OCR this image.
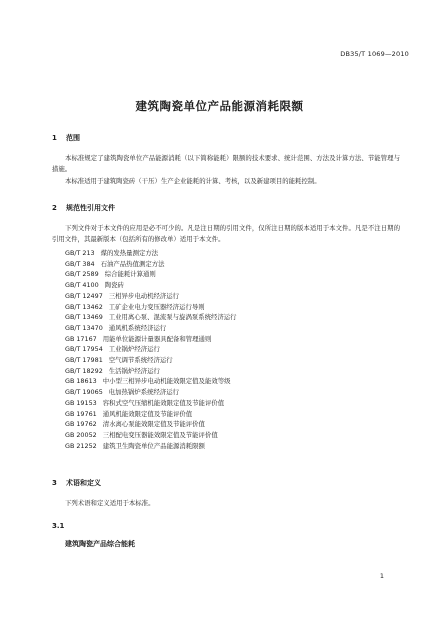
DB35/T 1069—2010
建筑陶瓷单位产品能源消耗限额
1 范围
本标准规定了建筑陶瓷单位产品能源消耗（以下简称能耗）限额的技术要求、统计范围、方法及计算方法、节能管理与措施。
本标准适用于建筑陶瓷砖（干压）生产企业能耗的计算、考核，以及新建项目的能耗控制。
2 规范性引用文件
下列文件对于本文件的应用是必不可少的。凡是注日期的引用文件，仅所注日期的版本适用于本文件。凡是不注日期的引用文件，其最新版本（包括所有的修改单）适用于本文件。
GB/T 213 煤的发热量测定方法
GB/T 384 石油产品热值测定方法
GB/T 2589 综合能耗计算通则
GB/T 4100 陶瓷砖
GB/T 12497 三相异步电动机经济运行
GB/T 13462 工矿企业电力变压器经济运行导则
GB/T 13469 工业用离心泵、混流泵与旋涡泵系统经济运行
GB/T 13470 通风机系统经济运行
GB 17167 用能单位能源计量器具配备和管理通则
GB/T 17954 工业锅炉经济运行
GB/T 17981 空气调节系统经济运行
GB/T 18292 生活锅炉经济运行
GB 18613 中小型三相异步电动机能效限定值及能效等级
GB/T 19065 电加热锅炉系统经济运行
GB 19153 容积式空气压缩机能效限定值及节能评价值
GB 19761 通风机能效限定值及节能评价值
GB 19762 清水离心泵能效限定值及节能评价值
GB 20052 三相配电变压器能效限定值及节能评价值
GB 21252 建筑卫生陶瓷单位产品能源消耗限额
3 术语和定义
下列术语和定义适用于本标准。
3.1
建筑陶瓷产品综合能耗
1
